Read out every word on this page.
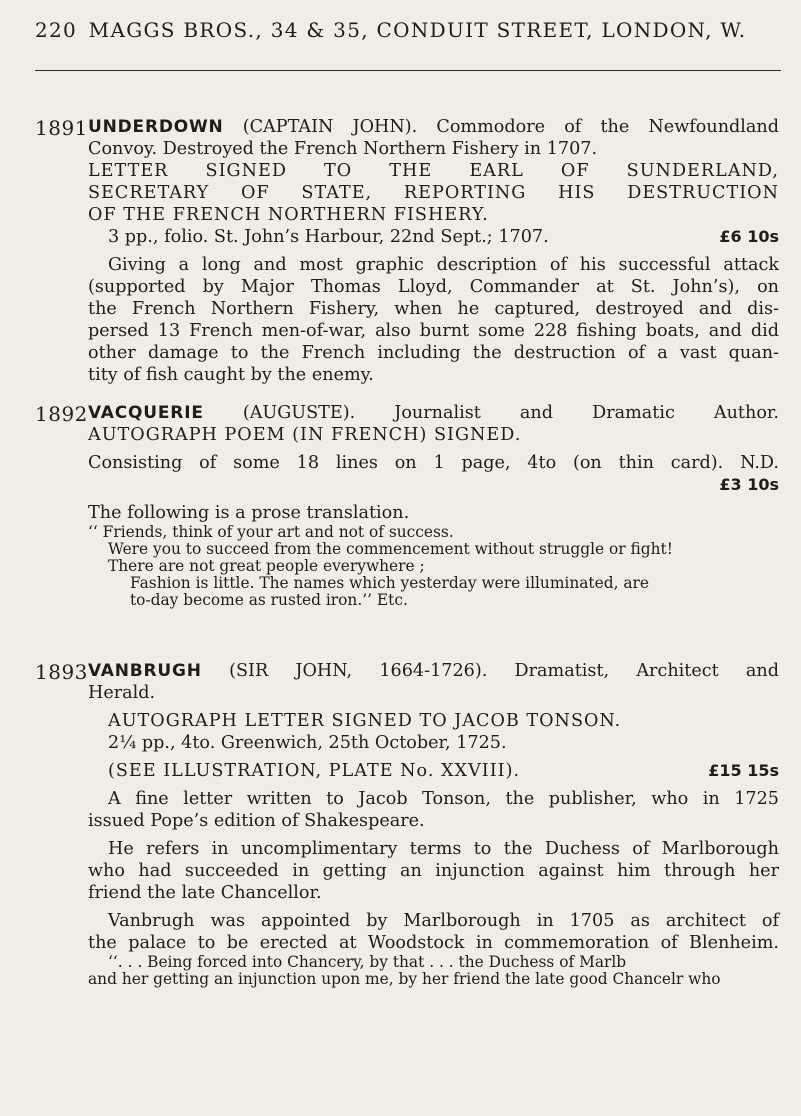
220 MAGGS BROS., 34 & 35, CONDUIT STREET, LONDON, W.
1891 UNDERDOWN (CAPTAIN JOHN). Commodore of the Newfoundland
Convoy. Destroyed the French Northern Fishery in 1707.
LETTER SIGNED TO THE EARL OF SUNDERLAND,
SECRETARY OF STATE, REPORTING HIS DESTRUCTION
OF THE FRENCH NORTHERN FISHERY.
3 pp., folio. St. John’s Harbour, 22nd Sept.; 1707.	£6 10s
Giving a long and most graphic description of his successful attack
(supported by Major Thomas Lloyd, Commander at St. John’s), on
the French Northern Fishery, when he captured, destroyed and dis-
persed 13 French men-of-war, also burnt some 228 fishing boats, and did
other damage to the French including the destruction of a vast quan-
tity of fish caught by the enemy.
1892 VACQUERIE (AUGUSTE). Journalist and Dramatic Author.
AUTOGRAPH POEM (IN FRENCH) SIGNED.
Consisting of some 18 lines on 1 page, 4to (on thin card). N.D.
£3 10s
The following is a prose translation.
‘‘ Friends, think of your art and not of success.
Were you to succeed from the commencement without struggle or fight!
There are not great people everywhere ;
Fashion is little. The names which yesterday were illuminated, are
to-day become as rusted iron.’’ Etc.
1893 VANBRUGH (SIR JOHN, 1664-1726). Dramatist, Architect and
Herald.
AUTOGRAPH LETTER SIGNED TO JACOB TONSON.
2¼ pp., 4to. Greenwich, 25th October, 1725.
(SEE ILLUSTRATION, PLATE No. XXVIII).	£15 15s
A fine letter written to Jacob Tonson, the publisher, who in 1725
issued Pope’s edition of Shakespeare.
He refers in uncomplimentary terms to the Duchess of Marlborough
who had succeeded in getting an injunction against him through her
friend the late Chancellor.
Vanbrugh was appointed by Marlborough in 1705 as architect of
the palace to be erected at Woodstock in commemoration of Blenheim.
‘‘. . . Being forced into Chancery, by that . . . the Duchess of Marlb
and her getting an injunction upon me, by her friend the late good Chancelr who
